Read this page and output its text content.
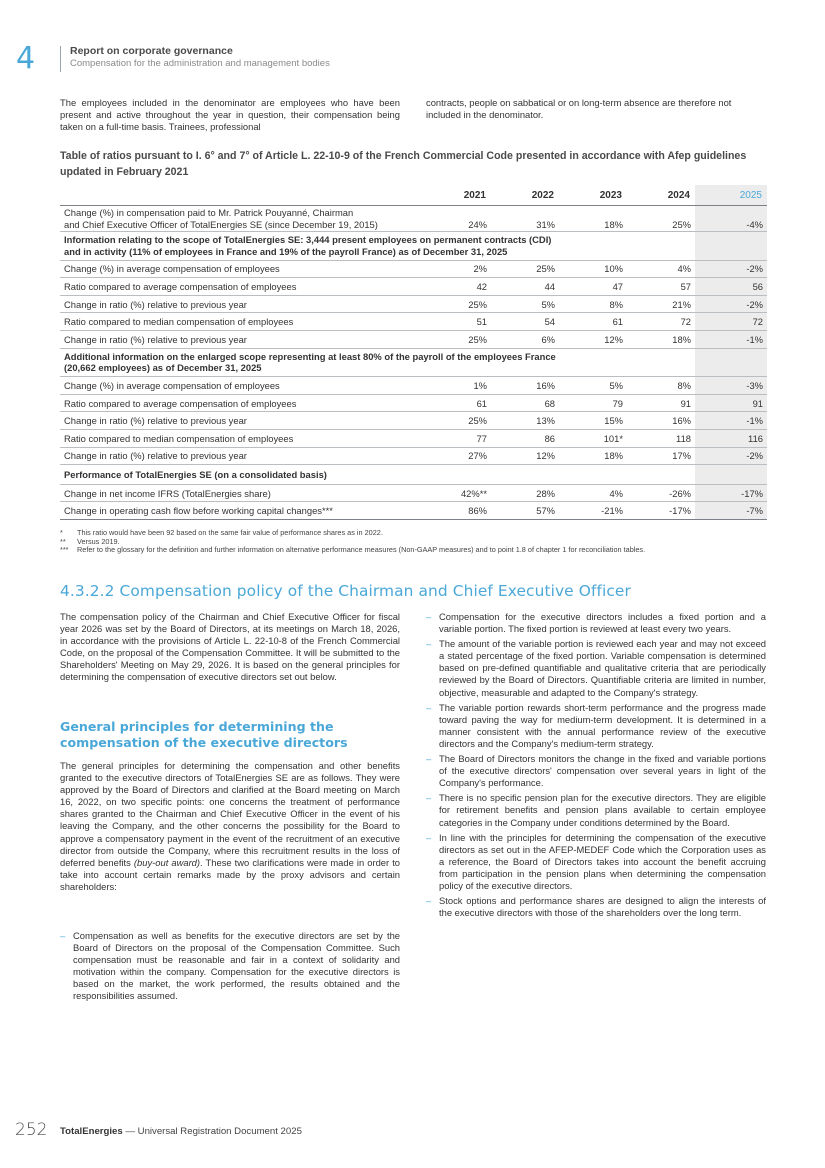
4	Report on corporate governance
Compensation for the administration and management bodies

The employees included in the denominator are employees who have been present and active throughout the year in question, their compensation being taken on a full-time basis. Trainees, professional

contracts, people on sabbatical or on long-term absence are therefore not included in the denominator.

Table of ratios pursuant to I. 6° and 7° of Article L. 22-10-9 of the French Commercial Code presented in accordance with Afep guidelines updated in February 2021
	2021	2022	2023	2024	2025
Change (%) in compensation paid to Mr. Patrick Pouyanné, Chairman
and Chief Executive Officer of TotalEnergies SE (since December 19, 2015)	24%	31%	18%	25%	-4%
Information relating to the scope of TotalEnergies SE: 3,444 present employees on permanent contracts (CDI)
and in activity (11% of employees in France and 19% of the payroll France) as of December 31, 2025					
Change (%) in average compensation of employees	2%	25%	10%	4%	-2%
Ratio compared to average compensation of employees	42	44	47	57	56
Change in ratio (%) relative to previous year	25%	5%	8%	21%	-2%
Ratio compared to median compensation of employees	51	54	61	72	72
Change in ratio (%) relative to previous year	25%	6%	12%	18%	-1%
Additional information on the enlarged scope representing at least 80% of the payroll of the employees France
(20,662 employees) as of December 31, 2025					
Change (%) in average compensation of employees	1%	16%	5%	8%	-3%
Ratio compared to average compensation of employees	61	68	79	91	91
Change in ratio (%) relative to previous year	25%	13%	15%	16%	-1%
Ratio compared to median compensation of employees	77	86	101*	118	116
Change in ratio (%) relative to previous year	27%	12%	18%	17%	-2%
Performance of TotalEnergies SE (on a consolidated basis)					
Change in net income IFRS (TotalEnergies share)	42%**	28%	4%	-26%	-17%
Change in operating cash flow before working capital changes***	86%	57%	-21%	-17%	-7%
* This ratio would have been 92 based on the same fair value of performance shares as in 2022.
** Versus 2019.
*** Refer to the glossary for the definition and further information on alternative performance measures (Non-GAAP measures) and to point 1.8 of chapter 1 for reconciliation tables.
4.3.2.2 Compensation policy of the Chairman and Chief Executive Officer

The compensation policy of the Chairman and Chief Executive Officer for fiscal year 2026 was set by the Board of Directors, at its meetings on March 18, 2026, in accordance with the provisions of Article L. 22-10-8 of the French Commercial Code, on the proposal of the Compensation Committee. It will be submitted to the Shareholders' Meeting on May 29, 2026. It is based on the general principles for determining the compensation of executive directors set out below.

General principles for determining the compensation of the executive directors

The general principles for determining the compensation and other benefits granted to the executive directors of TotalEnergies SE are as follows. They were approved by the Board of Directors and clarified at the Board meeting on March 16, 2022, on two specific points: one concerns the treatment of performance shares granted to the Chairman and Chief Executive Officer in the event of his leaving the Company, and the other concerns the possibility for the Board to approve a compensatory payment in the event of the recruitment of an executive director from outside the Company, where this recruitment results in the loss of deferred benefits (buy-out award). These two clarifications were made in order to take into account certain remarks made by the proxy advisors and certain shareholders:

– Compensation as well as benefits for the executive directors are set by the Board of Directors on the proposal of the Compensation Committee. Such compensation must be reasonable and fair in a context of solidarity and motivation within the company. Compensation for the executive directors is based on the market, the work performed, the results obtained and the responsibilities assumed.
– Compensation for the executive directors includes a fixed portion and a variable portion. The fixed portion is reviewed at least every two years.
– The amount of the variable portion is reviewed each year and may not exceed a stated percentage of the fixed portion. Variable compensation is determined based on pre-defined quantifiable and qualitative criteria that are periodically reviewed by the Board of Directors. Quantifiable criteria are limited in number, objective, measurable and adapted to the Company's strategy.
– The variable portion rewards short-term performance and the progress made toward paving the way for medium-term development. It is determined in a manner consistent with the annual performance review of the executive directors and the Company's medium-term strategy.
– The Board of Directors monitors the change in the fixed and variable portions of the executive directors' compensation over several years in light of the Company's performance.
– There is no specific pension plan for the executive directors. They are eligible for retirement benefits and pension plans available to certain employee categories in the Company under conditions determined by the Board.
– In line with the principles for determining the compensation of the executive directors as set out in the AFEP-MEDEF Code which the Corporation uses as a reference, the Board of Directors takes into account the benefit accruing from participation in the pension plans when determining the compensation policy of the executive directors.
– Stock options and performance shares are designed to align the interests of the executive directors with those of the shareholders over the long term.
252 TotalEnergies — Universal Registration Document 2025
